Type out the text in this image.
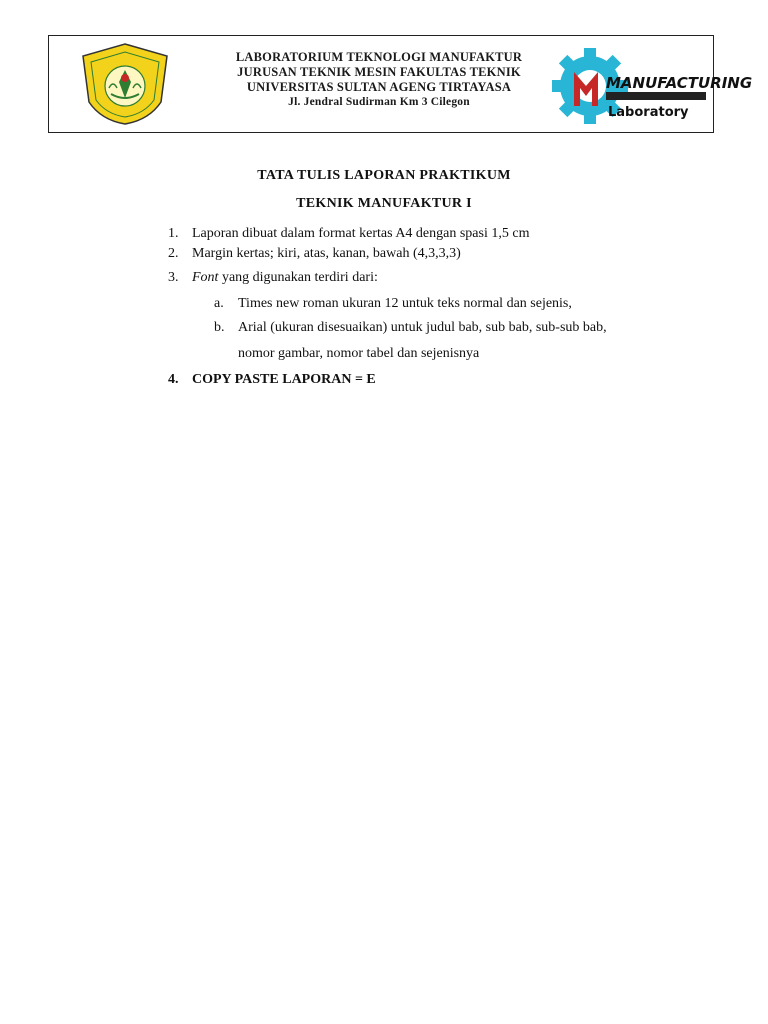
LABORATORIUM TEKNOLOGI MANUFAKTUR
JURUSAN TEKNIK MESIN FAKULTAS TEKNIK
UNIVERSITAS SULTAN AGENG TIRTAYASA
Jl. Jendral Sudirman Km 3 Cilegon
MANUFACTURING
Laboratory
TATA TULIS LAPORAN PRAKTIKUM
TEKNIK MANUFAKTUR I
1. Laporan dibuat dalam format kertas A4 dengan spasi 1,5 cm
2. Margin kertas; kiri, atas, kanan, bawah (4,3,3,3)
3. Font yang digunakan terdiri dari:
a. Times new roman ukuran 12 untuk teks normal dan sejenis,
b. Arial (ukuran disesuaikan) untuk judul bab, sub bab, sub-sub bab,
nomor gambar, nomor tabel dan sejenisnya
4. COPY PASTE LAPORAN = E
